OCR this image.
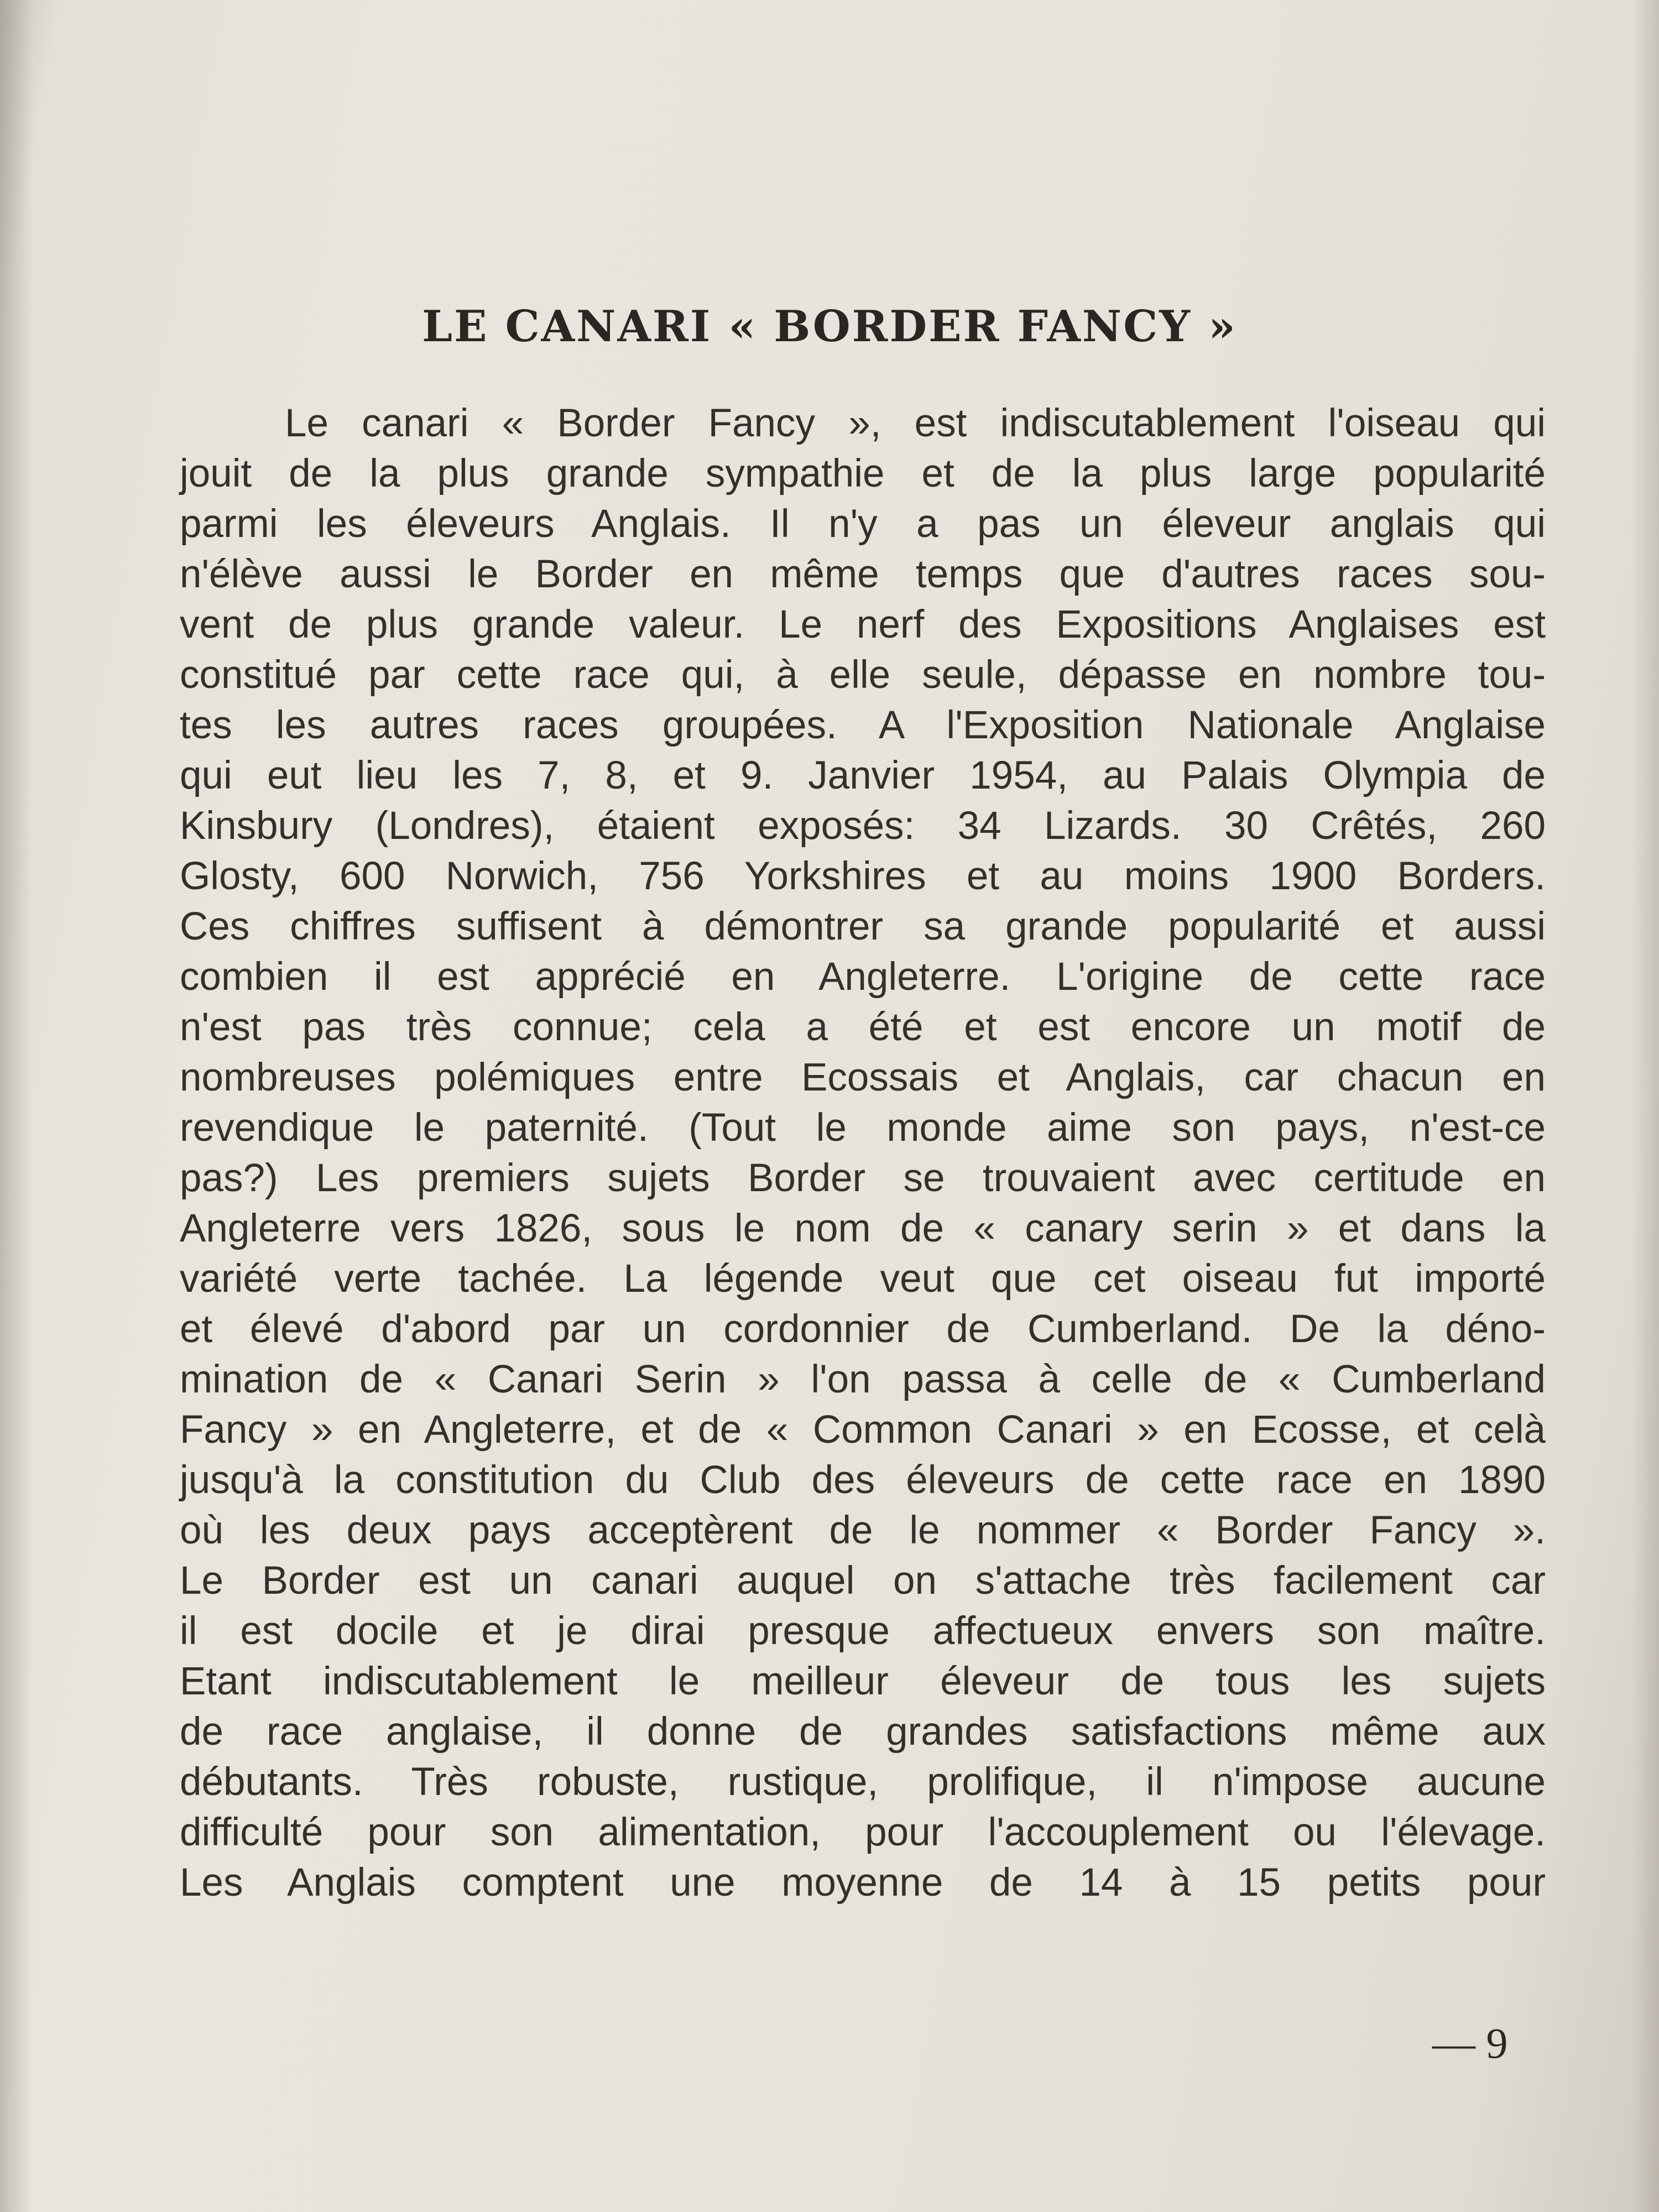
LE CANARI « BORDER FANCY »
Le canari « Border Fancy », est indiscutablement l'oiseau qui
jouit de la plus grande sympathie et de la plus large popularité
parmi les éleveurs Anglais. Il n'y a pas un éleveur anglais qui
n'élève aussi le Border en même temps que d'autres races sou-
vent de plus grande valeur. Le nerf des Expositions Anglaises est
constitué par cette race qui, à elle seule, dépasse en nombre tou-
tes les autres races groupées. A l'Exposition Nationale Anglaise
qui eut lieu les 7, 8, et 9. Janvier 1954, au Palais Olympia de
Kinsbury (Londres), étaient exposés: 34 Lizards. 30 Crêtés, 260
Glosty, 600 Norwich, 756 Yorkshires et au moins 1900 Borders.
Ces chiffres suffisent à démontrer sa grande popularité et aussi
combien il est apprécié en Angleterre. L'origine de cette race
n'est pas très connue; cela a été et est encore un motif de
nombreuses polémiques entre Ecossais et Anglais, car chacun en
revendique le paternité. (Tout le monde aime son pays, n'est-ce
pas?) Les premiers sujets Border se trouvaient avec certitude en
Angleterre vers 1826, sous le nom de « canary serin » et dans la
variété verte tachée. La légende veut que cet oiseau fut importé
et élevé d'abord par un cordonnier de Cumberland. De la déno-
mination de « Canari Serin » l'on passa à celle de « Cumberland
Fancy » en Angleterre, et de « Common Canari » en Ecosse, et celà
jusqu'à la constitution du Club des éleveurs de cette race en 1890
où les deux pays acceptèrent de le nommer « Border Fancy ».
Le Border est un canari auquel on s'attache très facilement car
il est docile et je dirai presque affectueux envers son maître.
Etant indiscutablement le meilleur éleveur de tous les sujets
de race anglaise, il donne de grandes satisfactions même aux
débutants. Très robuste, rustique, prolifique, il n'impose aucune
difficulté pour son alimentation, pour l'accouplement ou l'élevage.
Les Anglais comptent une moyenne de 14 à 15 petits pour
— 9
